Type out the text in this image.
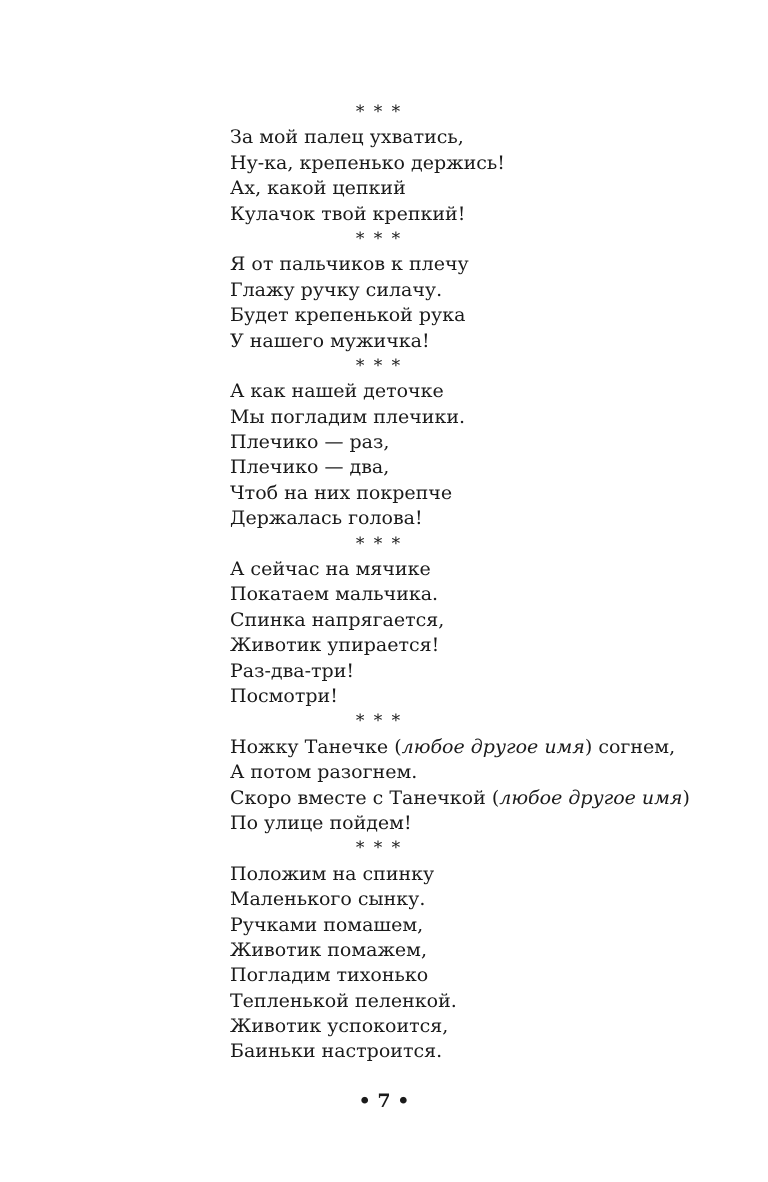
* * *
За мой палец ухватись,
Ну-ка, крепенько держись!
Ах, какой цепкий
Кулачок твой крепкий!
* * *
Я от пальчиков к плечу
Глажу ручку силачу.
Будет крепенькой рука
У нашего мужичка!
* * *
А как нашей деточке
Мы погладим плечики.
Плечико — раз,
Плечико — два,
Чтоб на них покрепче
Держалась голова!
* * *
А сейчас на мячике
Покатаем мальчика.
Спинка напрягается,
Животик упирается!
Раз-два-три!
Посмотри!
* * *
Ножку Танечке (любое другое имя) согнем,
А потом разогнем.
Скоро вместе с Танечкой (любое другое имя)
По улице пойдем!
* * *
Положим на спинку
Маленького сынку.
Ручками помашем,
Животик помажем,
Погладим тихонько
Тепленькой пеленкой.
Животик успокоится,
Баиньки настроится.
• 7 •
